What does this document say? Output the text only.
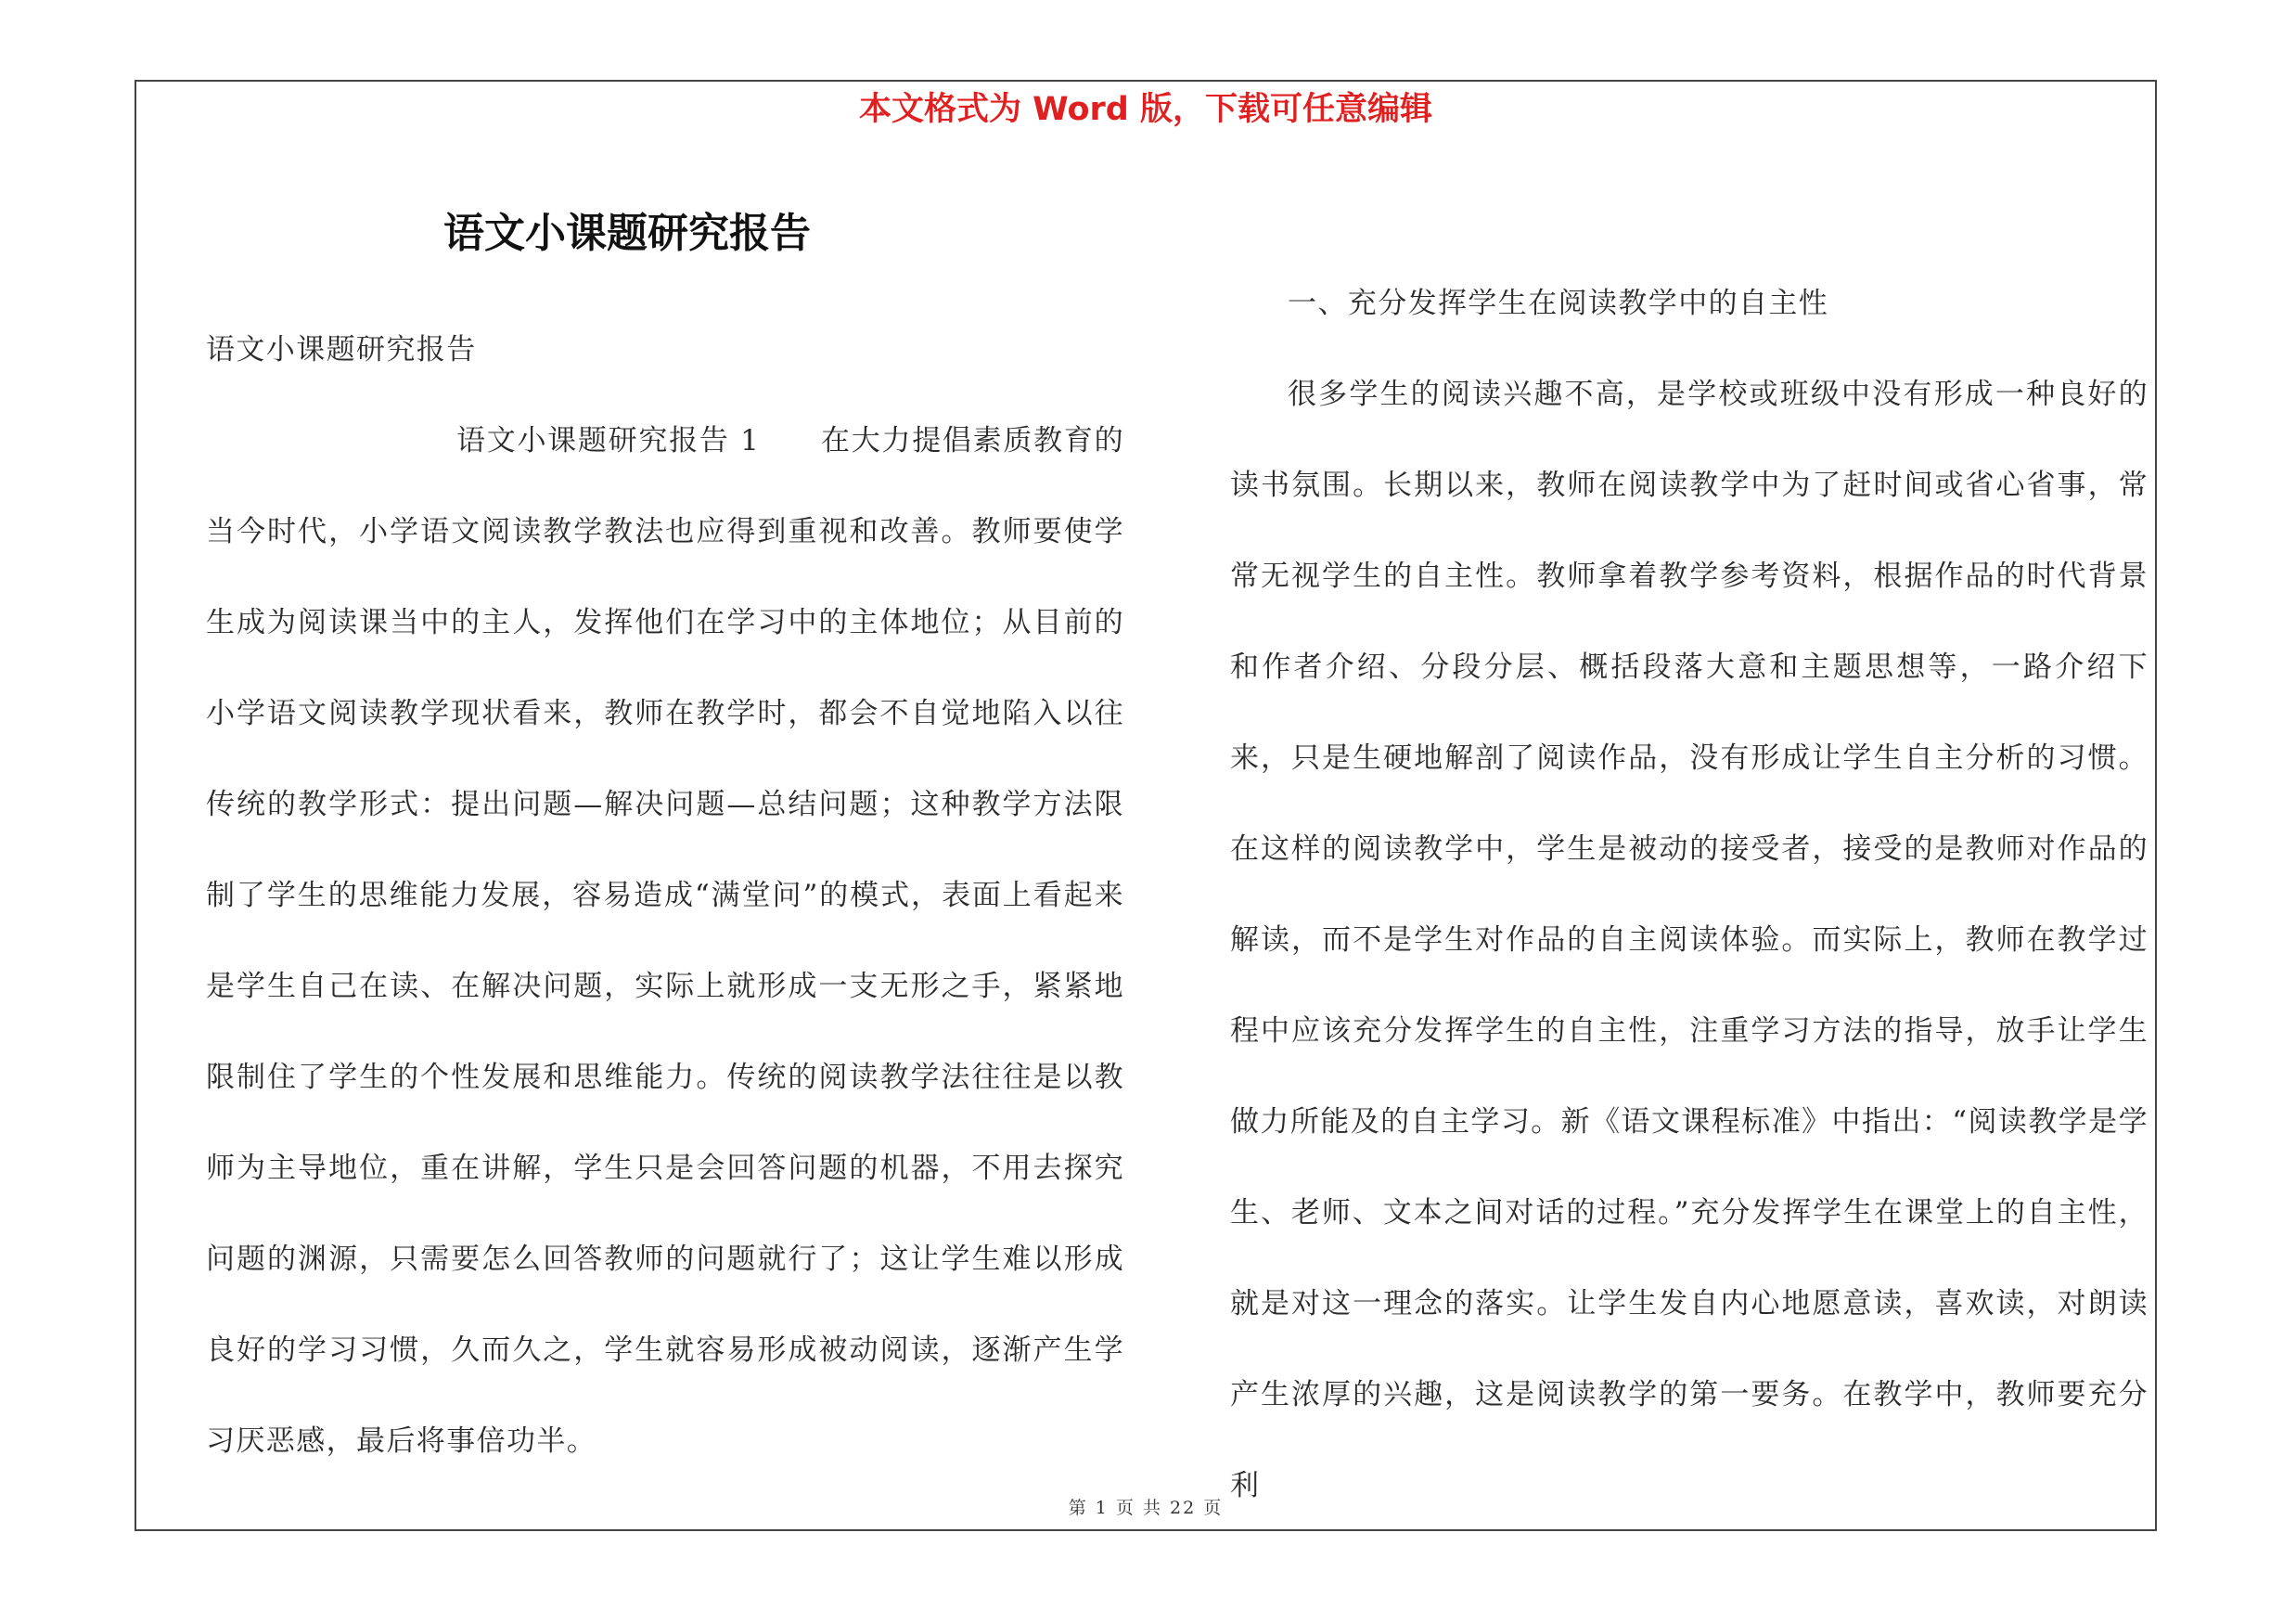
本文格式为 Word 版，下载可任意编辑
语文小课题研究报告

语文小课题研究报告

语文小课题研究报告 1　　在大力提倡素质教育的当今时代，小学语文阅读教学教法也应得到重视和改善。教师要使学生成为阅读课当中的主人，发挥他们在学习中的主体地位；从目前的小学语文阅读教学现状看来，教师在教学时，都会不自觉地陷入以往传统的教学形式：提出问题—解决问题—总结问题；这种教学方法限制了学生的思维能力发展，容易造成“满堂问”的模式，表面上看起来是学生自己在读、在解决问题，实际上就形成一支无形之手，紧紧地限制住了学生的个性发展和思维能力。传统的阅读教学法往往是以教师为主导地位，重在讲解，学生只是会回答问题的机器，不用去探究问题的渊源，只需要怎么回答教师的问题就行了；这让学生难以形成良好的学习习惯，久而久之，学生就容易形成被动阅读，逐渐产生学习厌恶感，最后将事倍功半。

一、充分发挥学生在阅读教学中的自主性

很多学生的阅读兴趣不高，是学校或班级中没有形成一种良好的读书氛围。长期以来，教师在阅读教学中为了赶时间或省心省事，常常无视学生的自主性。教师拿着教学参考资料，根据作品的时代背景和作者介绍、分段分层、概括段落大意和主题思想等，一路介绍下来，只是生硬地解剖了阅读作品，没有形成让学生自主分析的习惯。在这样的阅读教学中，学生是被动的接受者，接受的是教师对作品的解读，而不是学生对作品的自主阅读体验。而实际上，教师在教学过程中应该充分发挥学生的自主性，注重学习方法的指导，放手让学生做力所能及的自主学习。新《语文课程标准》中指出：“阅读教学是学生、老师、文本之间对话的过程。”充分发挥学生在课堂上的自主性，就是对这一理念的落实。让学生发自内心地愿意读，喜欢读，对朗读产生浓厚的兴趣，这是阅读教学的第一要务。在教学中，教师要充分利

第 1 页 共 22 页
